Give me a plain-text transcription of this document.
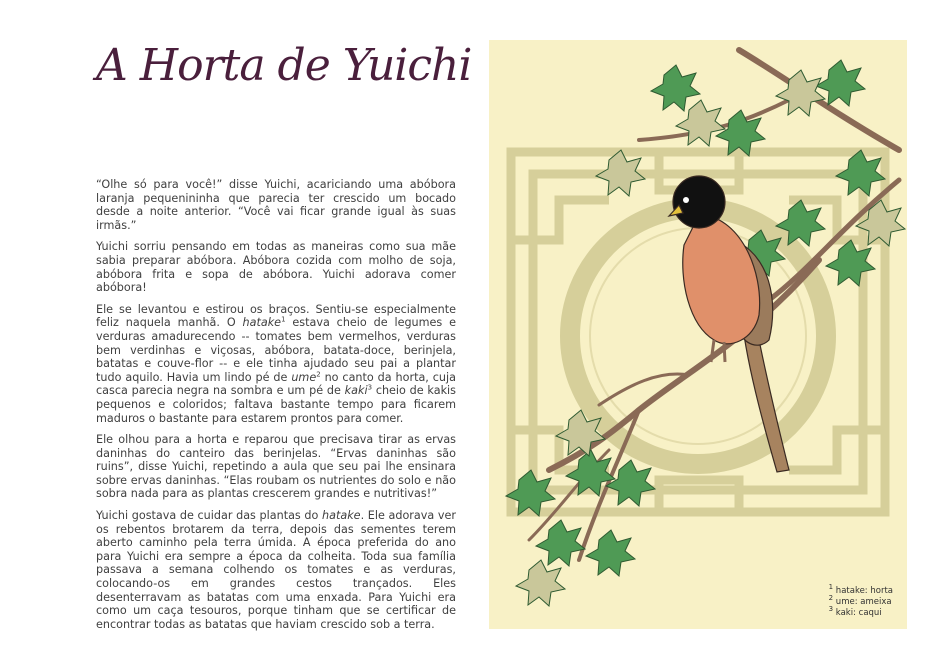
A Horta de Yuichi

“Olhe só para você!” disse Yuichi, acariciando uma abóbora laranja pequenininha que parecia ter crescido um bocado desde a noite anterior. “Você vai ficar grande igual às suas irmãs.”

Yuichi sorriu pensando em todas as maneiras como sua mãe sabia preparar abóbora. Abóbora cozida com molho de soja, abóbora frita e sopa de abóbora. Yuichi adorava comer abóbora!

Ele se levantou e estirou os braços. Sentiu-se especialmente feliz naquela manhã. O hatake$^1$ estava cheio de legumes e verduras amadurecendo -- tomates bem vermelhos, verduras bem verdinhas e viçosas, abóbora, batata-doce, berinjela, batatas e couve-flor -- e ele tinha ajudado seu pai a plantar tudo aquilo. Havia um lindo pé de ume$^2$ no canto da horta, cuja casca parecia negra na sombra e um pé de kaki$^3$ cheio de kakis pequenos e coloridos; faltava bastante tempo para ficarem maduros o bastante para estarem prontos para comer.

Ele olhou para a horta e reparou que precisava tirar as ervas daninhas do canteiro das berinjelas. “Ervas daninhas são ruins”, disse Yuichi, repetindo a aula que seu pai lhe ensinara sobre ervas daninhas. “Elas roubam os nutrientes do solo e não sobra nada para as plantas crescerem grandes e nutritivas!”

Yuichi gostava de cuidar das plantas do hatake. Ele adorava ver os rebentos brotarem da terra, depois das sementes terem aberto caminho pela terra úmida. A época preferida do ano para Yuichi era sempre a época da colheita. Toda sua família passava a semana colhendo os tomates e as verduras, colocando-os em grandes cestos trançados. Eles desenterravam as batatas com uma enxada. Para Yuichi era como um caça tesouros, porque tinham que se certificar de encontrar todas as batatas que haviam crescido sob a terra.

$^1$ hatake: horta
$^2$ ume: ameixa
$^3$ kaki: caqui
